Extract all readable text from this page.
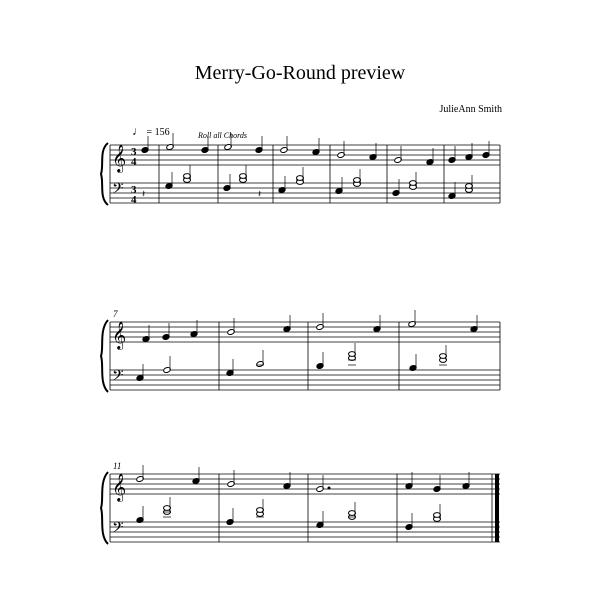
Merry-Go-Round preview
JulieAnn Smith
♩ = 156	Roll all Chords
7
11
𝄞
𝄢
3
4
3
4 𝄽	𝄽
𝄞
𝄢
𝄞
𝄢
